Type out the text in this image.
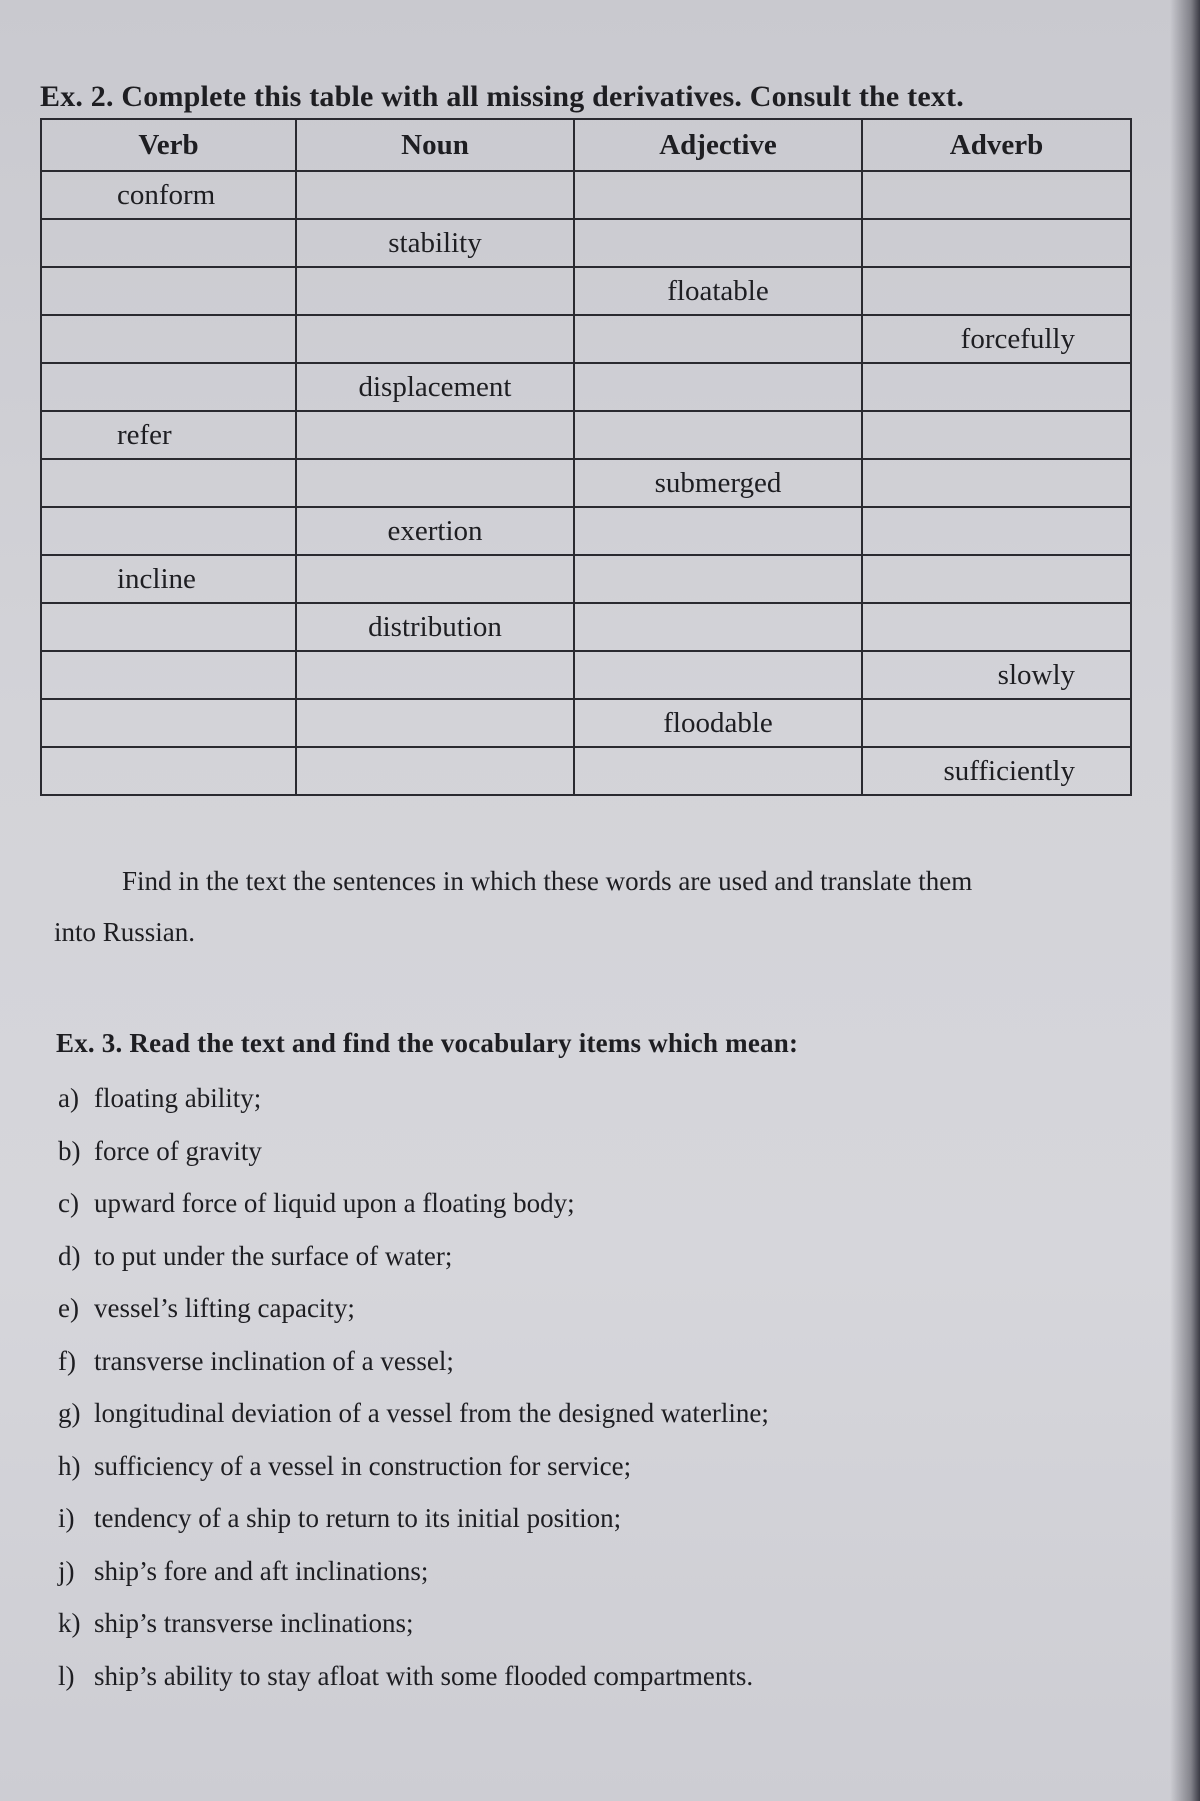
Ex. 2. Complete this table with all missing derivatives. Consult the text.
Verb	Noun	Adjective	Adverb
conform			
	stability		
		floatable	
			forcefully
	displacement		
refer			
		submerged	
	exertion		
incline			
	distribution		
			slowly
		floodable	
			sufficiently
Find in the text the sentences in which these words are used and translate them
into Russian.
Ex. 3. Read the text and find the vocabulary items which mean:
a) floating ability;
b) force of gravity
c) upward force of liquid upon a floating body;
d) to put under the surface of water;
e) vessel’s lifting capacity;
f) transverse inclination of a vessel;
g) longitudinal deviation of a vessel from the designed waterline;
h) sufficiency of a vessel in construction for service;
i) tendency of a ship to return to its initial position;
j) ship’s fore and aft inclinations;
k) ship’s transverse inclinations;
l) ship’s ability to stay afloat with some flooded compartments.
